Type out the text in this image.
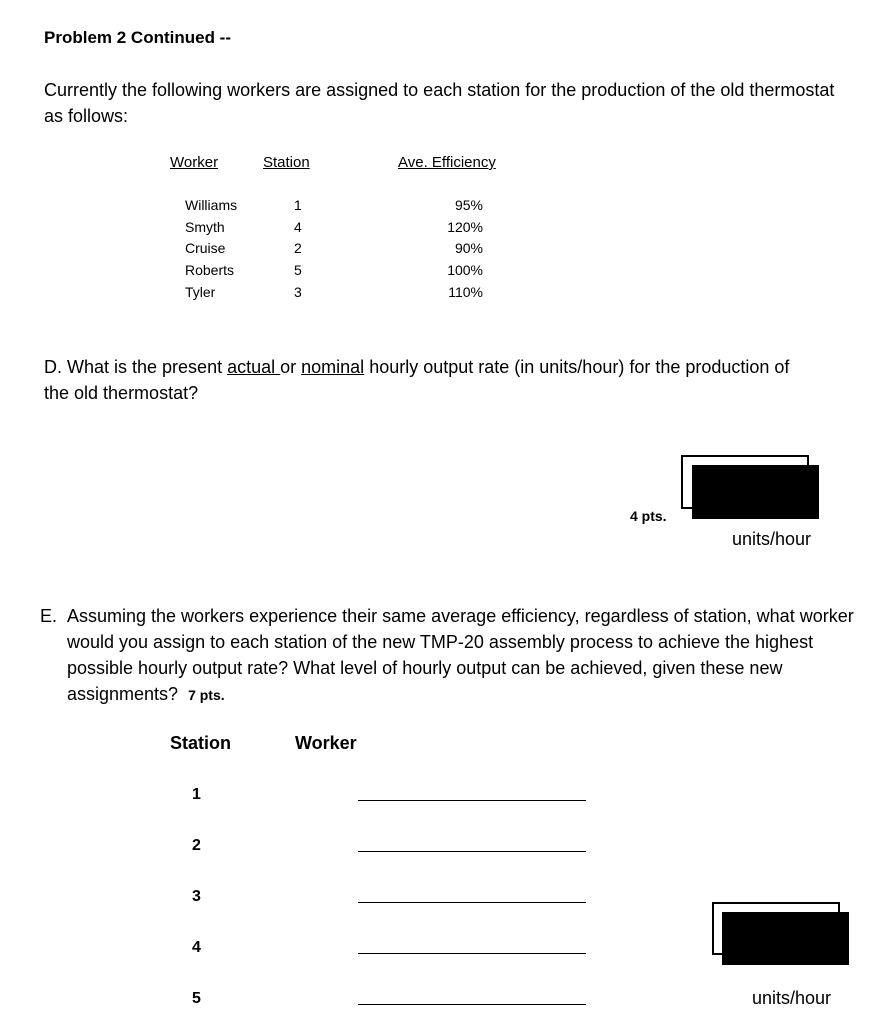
Problem 2 Continued --
Currently the following workers are assigned to each station for the production of the old thermostat as follows:
Worker	Station	Ave. Efficiency
Williams	1	95%
Smyth	4	120%
Cruise	2	90%
Roberts	5	100%
Tyler	3	110%
D. What is the present actual or nominal hourly output rate (in units/hour) for the production of the old thermostat?
4 pts.
units/hour
E. Assuming the workers experience their same average efficiency, regardless of station, what worker would you assign to each station of the new TMP-20 assembly process to achieve the highest possible hourly output rate? What level of hourly output can be achieved, given these new assignments? 7 pts.
Station	Worker
1
2
3
4
5	units/hour
